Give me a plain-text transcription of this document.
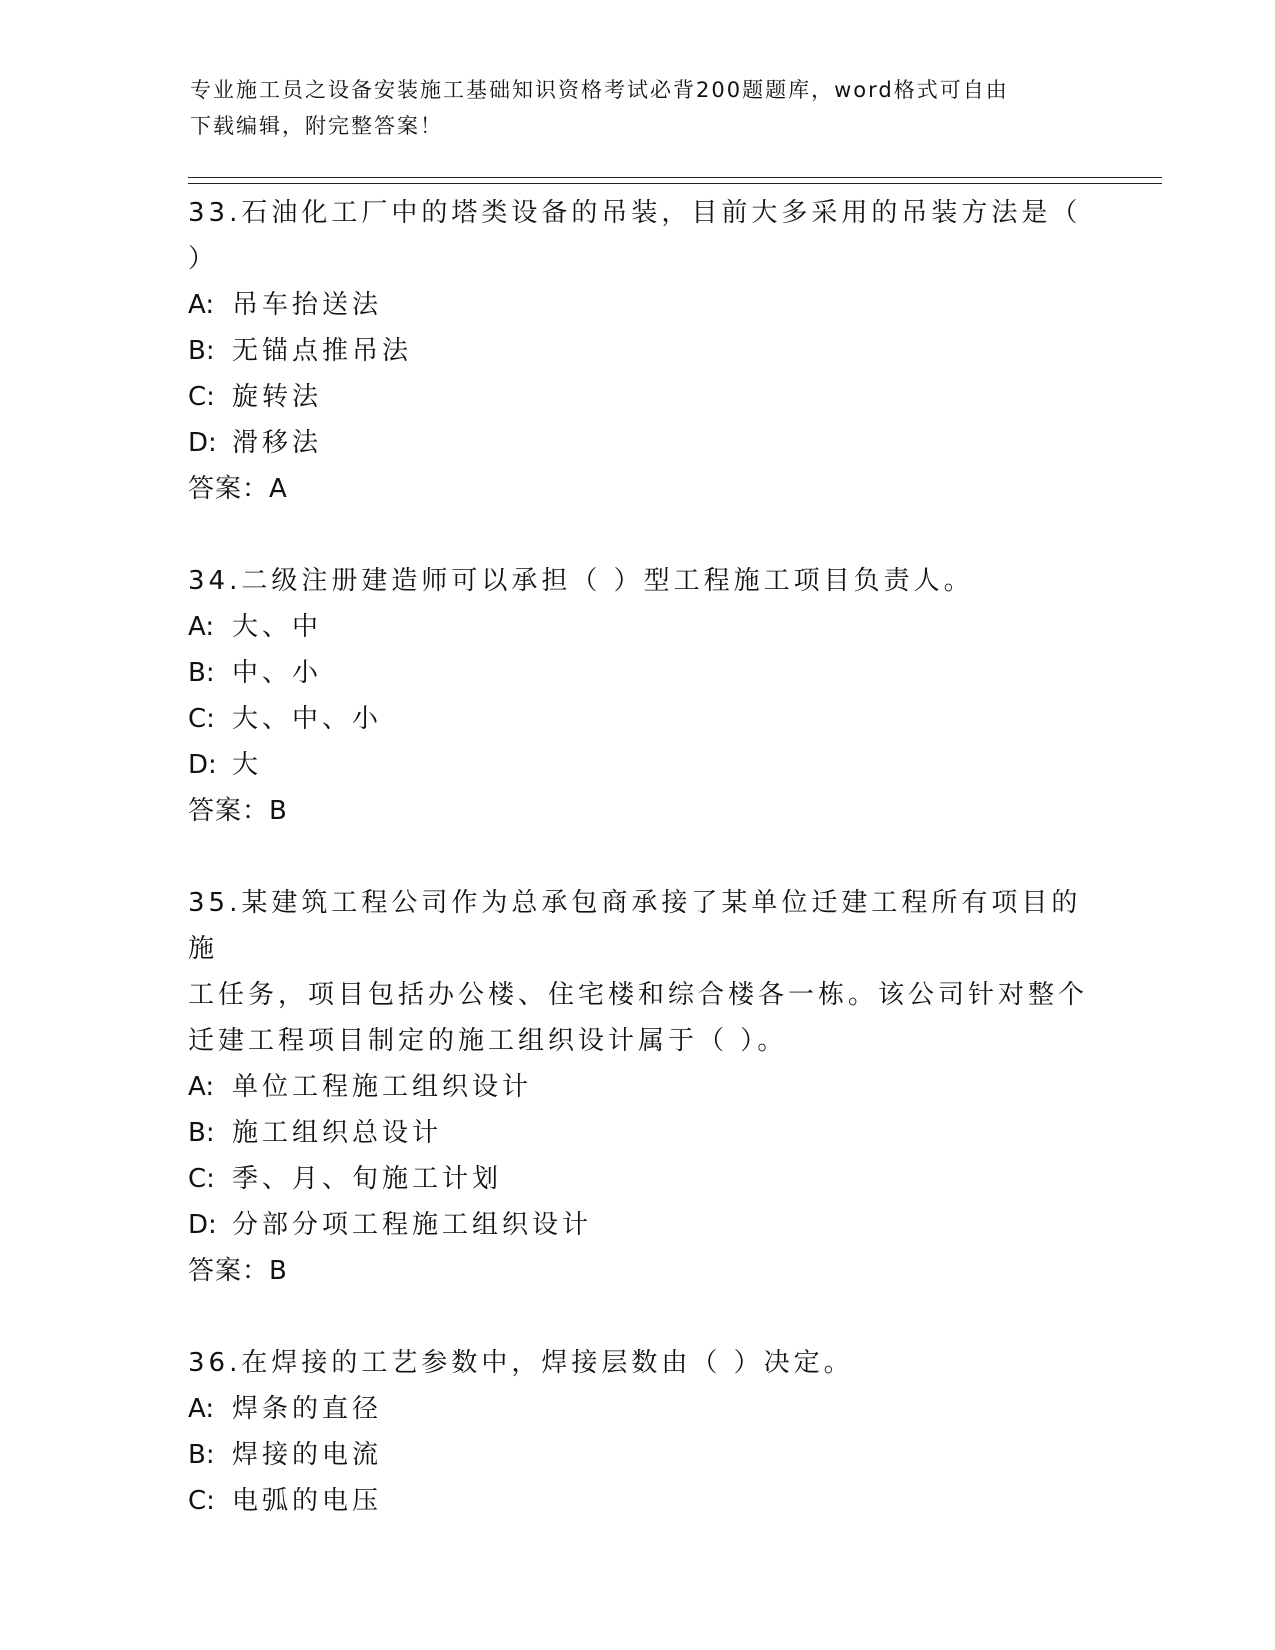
专业施工员之设备安装施工基础知识资格考试必背200题题库，word格式可自由
下载编辑，附完整答案！

33.石油化工厂中的塔类设备的吊装，目前大多采用的吊装方法是（

）

A: 吊车抬送法

B: 无锚点推吊法

C: 旋转法

D: 滑移法

答案：A

34.二级注册建造师可以承担（ ）型工程施工项目负责人。

A: 大、中

B: 中、小

C: 大、中、小

D: 大

答案：B

35.某建筑工程公司作为总承包商承接了某单位迁建工程所有项目的施

工任务，项目包括办公楼、住宅楼和综合楼各一栋。该公司针对整个

迁建工程项目制定的施工组织设计属于（ ）。

A: 单位工程施工组织设计

B: 施工组织总设计

C: 季、月、旬施工计划

D: 分部分项工程施工组织设计

答案：B

36.在焊接的工艺参数中，焊接层数由（ ）决定。

A: 焊条的直径

B: 焊接的电流

C: 电弧的电压
